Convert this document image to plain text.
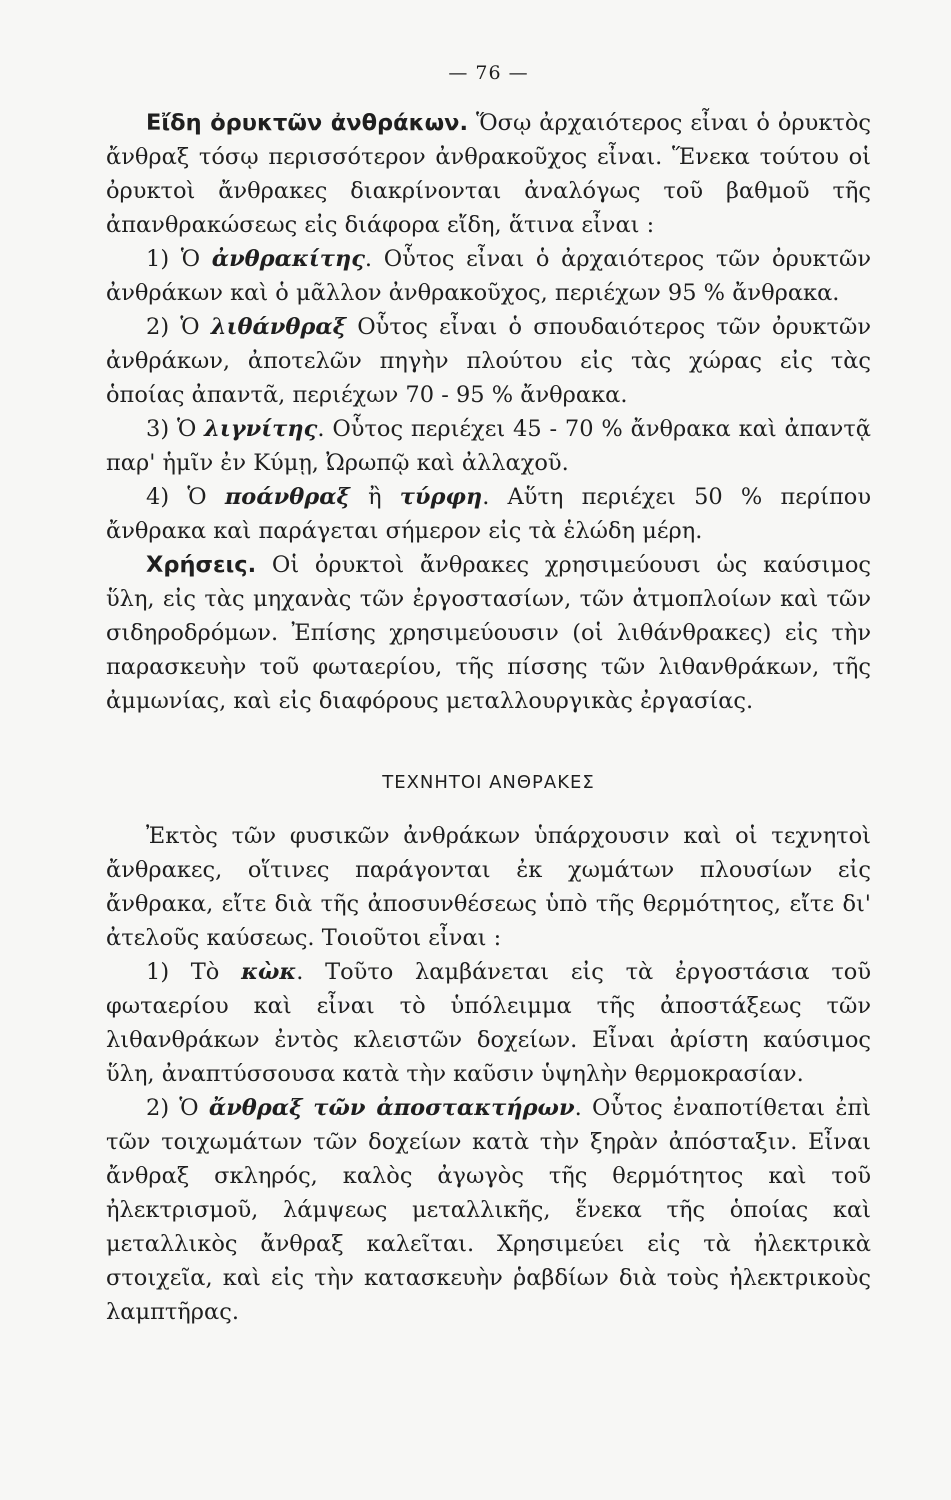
— 76 —

Εἴδη ὀρυκτῶν ἀνθράκων. Ὅσῳ ἀρχαιότερος εἶναι ὁ ὀρυκτὸς ἄνθραξ τόσῳ περισσότερον ἀνθρακοῦχος εἶναι. Ἕνεκα τούτου οἱ ὀρυκτοὶ ἄνθρακες διακρίνονται ἀναλόγως τοῦ βαθμοῦ τῆς ἀπανθρακώσεως εἰς διάφορα εἴδη, ἅτινα εἶναι :

1) Ὁ ἀνθρακίτης. Οὗτος εἶναι ὁ ἀρχαιότερος τῶν ὀρυκτῶν ἀνθράκων καὶ ὁ μᾶλλον ἀνθρακοῦχος, περιέχων 95 % ἄνθρακα.

2) Ὁ λιθάνθραξ Οὗτος εἶναι ὁ σπουδαιότερος τῶν ὀρυκτῶν ἀνθράκων, ἀποτελῶν πηγὴν πλούτου εἰς τὰς χώρας εἰς τὰς ὁποίας ἀπαντᾶ, περιέχων 70 - 95 % ἄνθρακα.

3) Ὁ λιγνίτης. Οὗτος περιέχει 45 - 70 % ἄνθρακα καὶ ἀπαντᾷ παρ' ἡμῖν ἐν Κύμῃ, Ὠρωπῷ καὶ ἀλλαχοῦ.

4) Ὁ ποάνθραξ ἢ τύρφη. Αὕτη περιέχει 50 % περίπου ἄνθρακα καὶ παράγεται σήμερον εἰς τὰ ἑλώδη μέρη.

Χρήσεις. Οἱ ὀρυκτοὶ ἄνθρακες χρησιμεύουσι ὡς καύσιμος ὕλη, εἰς τὰς μηχανὰς τῶν ἐργοστασίων, τῶν ἀτμοπλοίων καὶ τῶν σιδηροδρόμων. Ἐπίσης χρησιμεύουσιν (οἱ λιθάνθρακες) εἰς τὴν παρασκευὴν τοῦ φωταερίου, τῆς πίσσης τῶν λιθανθράκων, τῆς ἀμμωνίας, καὶ εἰς διαφόρους μεταλλουργικὰς ἐργασίας.

ΤΕΧΝΗΤΟΙ ΑΝΘΡΑΚΕΣ

Ἐκτὸς τῶν φυσικῶν ἀνθράκων ὑπάρχουσιν καὶ οἱ τεχνητοὶ ἄνθρακες, οἵτινες παράγονται ἐκ χωμάτων πλουσίων εἰς ἄνθρακα, εἴτε διὰ τῆς ἀποσυνθέσεως ὑπὸ τῆς θερμότητος, εἴτε δι' ἀτελοῦς καύσεως. Τοιοῦτοι εἶναι :

1) Τὸ κὼκ. Τοῦτο λαμβάνεται εἰς τὰ ἐργοστάσια τοῦ φωταερίου καὶ εἶναι τὸ ὑπόλειμμα τῆς ἀποστάξεως τῶν λιθανθράκων ἐντὸς κλειστῶν δοχείων. Εἶναι ἀρίστη καύσιμος ὕλη, ἀναπτύσσουσα κατὰ τὴν καῦσιν ὑψηλὴν θερμοκρασίαν.

2) Ὁ ἄνθραξ τῶν ἀποστακτήρων. Οὗτος ἐναποτίθεται ἐπὶ τῶν τοιχωμάτων τῶν δοχείων κατὰ τὴν ξηρὰν ἀπόσταξιν. Εἶναι ἄνθραξ σκληρός, καλὸς ἀγωγὸς τῆς θερμότητος καὶ τοῦ ἠλεκτρισμοῦ, λάμψεως μεταλλικῆς, ἕνεκα τῆς ὁποίας καὶ μεταλλικὸς ἄνθραξ καλεῖται. Χρησιμεύει εἰς τὰ ἠλεκτρικὰ στοιχεῖα, καὶ εἰς τὴν κατασκευὴν ῥαβδίων διὰ τοὺς ἠλεκτρικοὺς λαμπτῆρας.
